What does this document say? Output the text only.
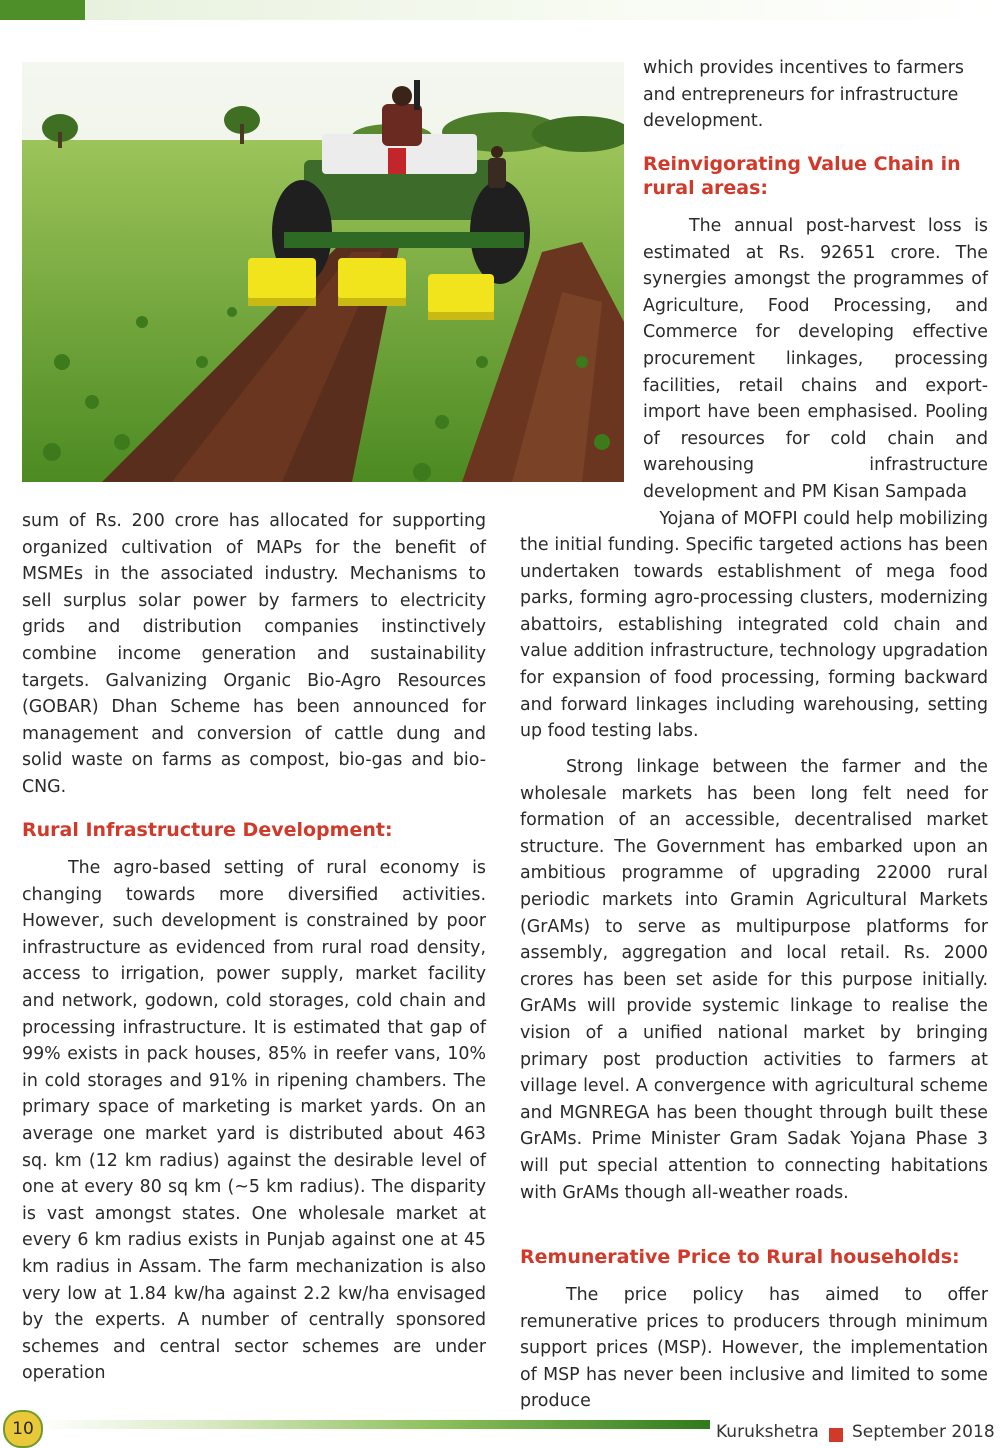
sum of Rs. 200 crore has allocated for supporting organized cultivation of MAPs for the benefit of MSMEs in the associated industry. Mechanisms to sell surplus solar power by farmers to electricity grids and distribution companies instinctively combine income generation and sustainability targets. Galvanizing Organic Bio-Agro Resources (GOBAR) Dhan Scheme has been announced for management and conversion of cattle dung and solid waste on farms as compost, bio-gas and bio-CNG.

Rural Infrastructure Development:

The agro-based setting of rural economy is changing towards more diversified activities. However, such development is constrained by poor infrastructure as evidenced from rural road density, access to irrigation, power supply, market facility and network, godown, cold storages, cold chain and processing infrastructure. It is estimated that gap of 99% exists in pack houses, 85% in reefer vans, 10% in cold storages and 91% in ripening chambers. The primary space of marketing is market yards. On an average one market yard is distributed about 463 sq. km (12 km radius) against the desirable level of one at every 80 sq km (~5 km radius). The disparity is vast amongst states. One wholesale market at every 6 km radius exists in Punjab against one at 45 km radius in Assam. The farm mechanization is also very low at 1.84 kw/ha against 2.2 kw/ha envisaged by the experts. A number of centrally sponsored schemes and central sector schemes are under operation

which provides incentives to farmers and entrepreneurs for infrastructure development.

Reinvigorating Value Chain in rural areas:

The annual post-harvest loss is estimated at Rs. 92651 crore. The synergies amongst the programmes of Agriculture, Food Processing, and Commerce for developing effective procurement linkages, processing facilities, retail chains and export-import have been emphasised. Pooling of resources for cold chain and warehousing infrastructure development and PM Kisan Sampada

Yojana of MOFPI could help mobilizing

the initial funding. Specific targeted actions has been undertaken towards establishment of mega food parks, forming agro-processing clusters, modernizing abattoirs, establishing integrated cold chain and value addition infrastructure, technology upgradation for expansion of food processing, forming backward and forward linkages including warehousing, setting up food testing labs.

Strong linkage between the farmer and the wholesale markets has been long felt need for formation of an accessible, decentralised market structure. The Government has embarked upon an ambitious programme of upgrading 22000 rural periodic markets into Gramin Agricultural Markets (GrAMs) to serve as multipurpose platforms for assembly, aggregation and local retail. Rs. 2000 crores has been set aside for this purpose initially. GrAMs will provide systemic linkage to realise the vision of a unified national market by bringing primary post production activities to farmers at village level. A convergence with agricultural scheme and MGNREGA has been thought through built these GrAMs. Prime Minister Gram Sadak Yojana Phase 3 will put special attention to connecting habitations with GrAMs though all-weather roads.

Remunerative Price to Rural households:

The price policy has aimed to offer remunerative prices to producers through minimum support prices (MSP). However, the implementation of MSP has never been inclusive and limited to some produce

10	Kurukshetra September 2018
